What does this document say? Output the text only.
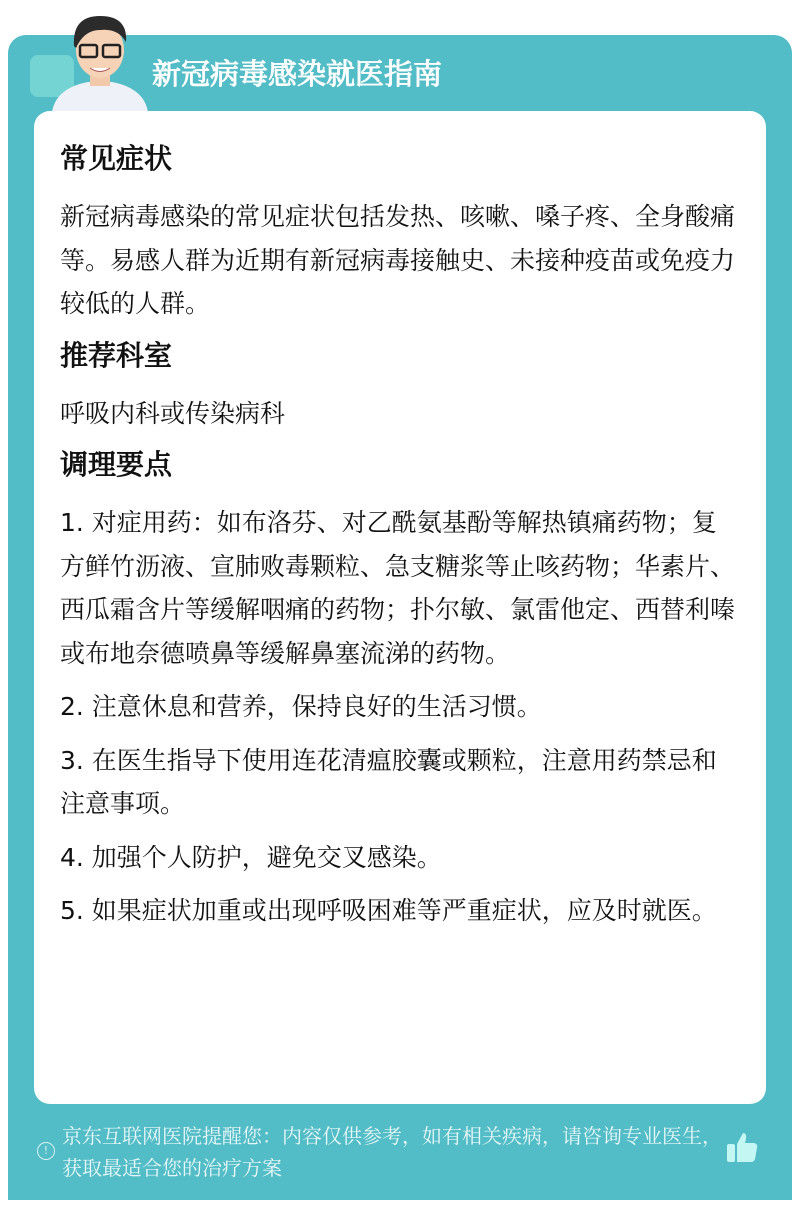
新冠病毒感染就医指南
常见症状

新冠病毒感染的常见症状包括发热、咳嗽、嗓子疼、全身酸痛等。易感人群为近期有新冠病毒接触史、未接种疫苗或免疫力较低的人群。

推荐科室

呼吸内科或传染病科

调理要点

1. 对症用药：如布洛芬、对乙酰氨基酚等解热镇痛药物；复方鲜竹沥液、宣肺败毒颗粒、急支糖浆等止咳药物；华素片、西瓜霜含片等缓解咽痛的药物；扑尔敏、氯雷他定、西替利嗪或布地奈德喷鼻等缓解鼻塞流涕的药物。

2. 注意休息和营养，保持良好的生活习惯。

3. 在医生指导下使用连花清瘟胶囊或颗粒，注意用药禁忌和注意事项。

4. 加强个人防护，避免交叉感染。

5. 如果症状加重或出现呼吸困难等严重症状，应及时就医。

!
京东互联网医院提醒您：内容仅供参考，如有相关疾病，请咨询专业医生，获取最适合您的治疗方案
